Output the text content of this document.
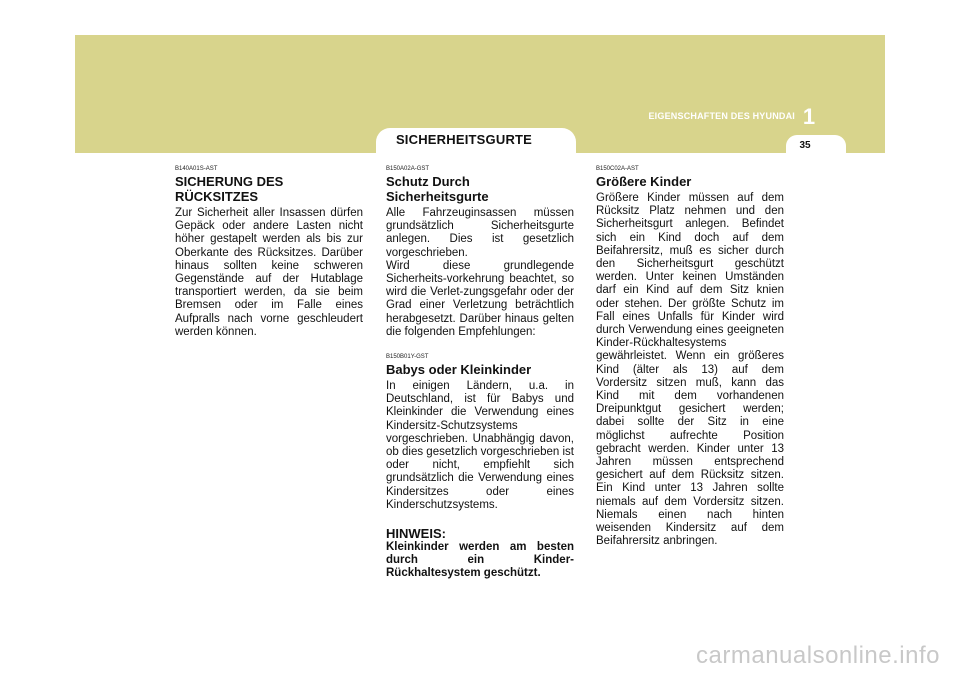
1
EIGENSCHAFTEN DES HYUNDAI
35
SICHERHEITSGURTE

B140A01S-AST

SICHERUNG DES RÜCKSITZES

Zur Sicherheit aller Insassen dürfen Gepäck oder andere Lasten nicht höher gestapelt werden als bis zur Oberkante des Rücksitzes. Darüber hinaus sollten keine schweren Gegenstände auf der Hutablage transportiert werden, da sie beim Bremsen oder im Falle eines Aufpralls nach vorne geschleudert werden können.

B150A02A-GST

Schutz Durch Sicherheitsgurte

Alle Fahrzeuginsassen müssen grundsätzlich Sicherheitsgurte anlegen. Dies ist gesetzlich vorgeschrieben.

Wird diese grundlegende Sicherheits-vorkehrung beachtet, so wird die Verlet-zungsgefahr oder der Grad einer Verletzung beträchtlich herabgesetzt. Darüber hinaus gelten die folgenden Empfehlungen:

B150B01Y-GST

Babys oder Kleinkinder

In einigen Ländern, u.a. in Deutschland, ist für Babys und Kleinkinder die Verwendung eines Kindersitz-Schutzsystems vorgeschrieben. Unabhängig davon, ob dies gesetzlich vorgeschrieben ist oder nicht, empfiehlt sich grundsätzlich die Verwendung eines Kindersitzes oder eines Kinderschutzsystems.

HINWEIS:

Kleinkinder werden am besten durch ein Kinder-Rückhaltesystem geschützt.

B150C02A-AST

Größere Kinder

Größere Kinder müssen auf dem Rücksitz Platz nehmen und den Sicherheitsgurt anlegen. Befindet sich ein Kind doch auf dem Beifahrersitz, muß es sicher durch den Sicherheitsgurt geschützt werden. Unter keinen Umständen darf ein Kind auf dem Sitz knien oder stehen. Der größte Schutz im Fall eines Unfalls für Kinder wird durch Verwendung eines geeigneten Kinder-Rückhaltesystems gewährleistet. Wenn ein größeres Kind (älter als 13) auf dem Vordersitz sitzen muß, kann das Kind mit dem vorhandenen Dreipunktgut gesichert werden; dabei sollte der Sitz in eine möglichst aufrechte Position gebracht werden. Kinder unter 13 Jahren müssen entsprechend gesichert auf dem Rücksitz sitzen. Ein Kind unter 13 Jahren sollte niemals auf dem Vordersitz sitzen. Niemals einen nach hinten weisenden Kindersitz auf dem Beifahrersitz anbringen.

carmanualsonline.info
